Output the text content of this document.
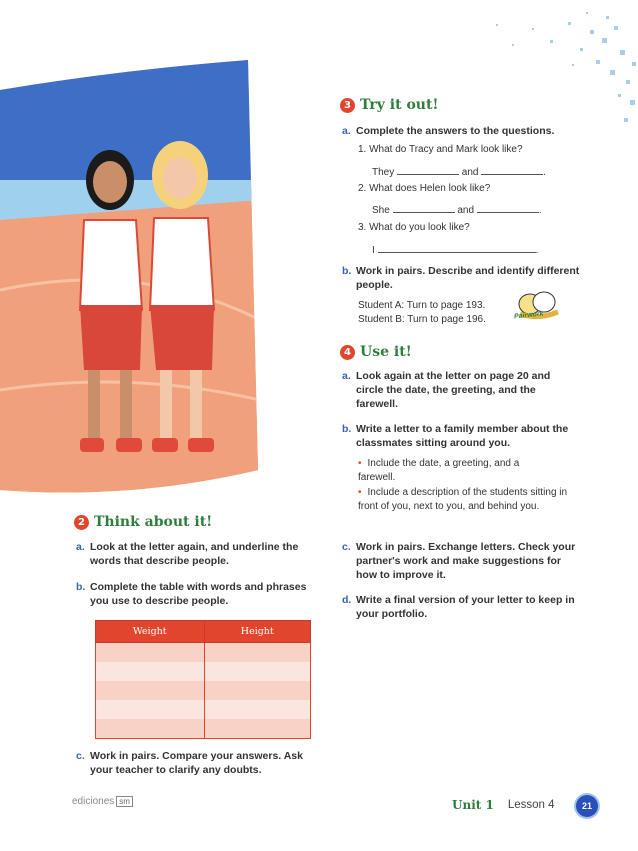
3 Try it out!
a. Complete the answers to the questions.
1. What do Tracy and Mark look like?
They	and	.
2. What does Helen look like?
She	and	.
3. What do you look like?
I	.
b. Work in pairs. Describe and identify different people.
Student A: Turn to page 193.
Student B: Turn to page 196.	Pairwork
4 Use it!
a. Look again at the letter on page 20 and circle the date, the greeting, and the farewell.
b. Write a letter to a family member about the classmates sitting around you.
• Include the date, a greeting, and a farewell.
• Include a description of the students sitting in front of you, next to you, and behind you.
c. Work in pairs. Exchange letters. Check your partner's work and make suggestions for how to improve it.
d. Write a final version of your letter to keep in your portfolio.
2 Think about it!
a. Look at the letter again, and underline the words that describe people.
b. Complete the table with words and phrases you use to describe people.
Weight	Height

c. Work in pairs. Compare your answers. Ask your teacher to clarify any doubts.
ediciones sm	Unit 1 Lesson 4	21
